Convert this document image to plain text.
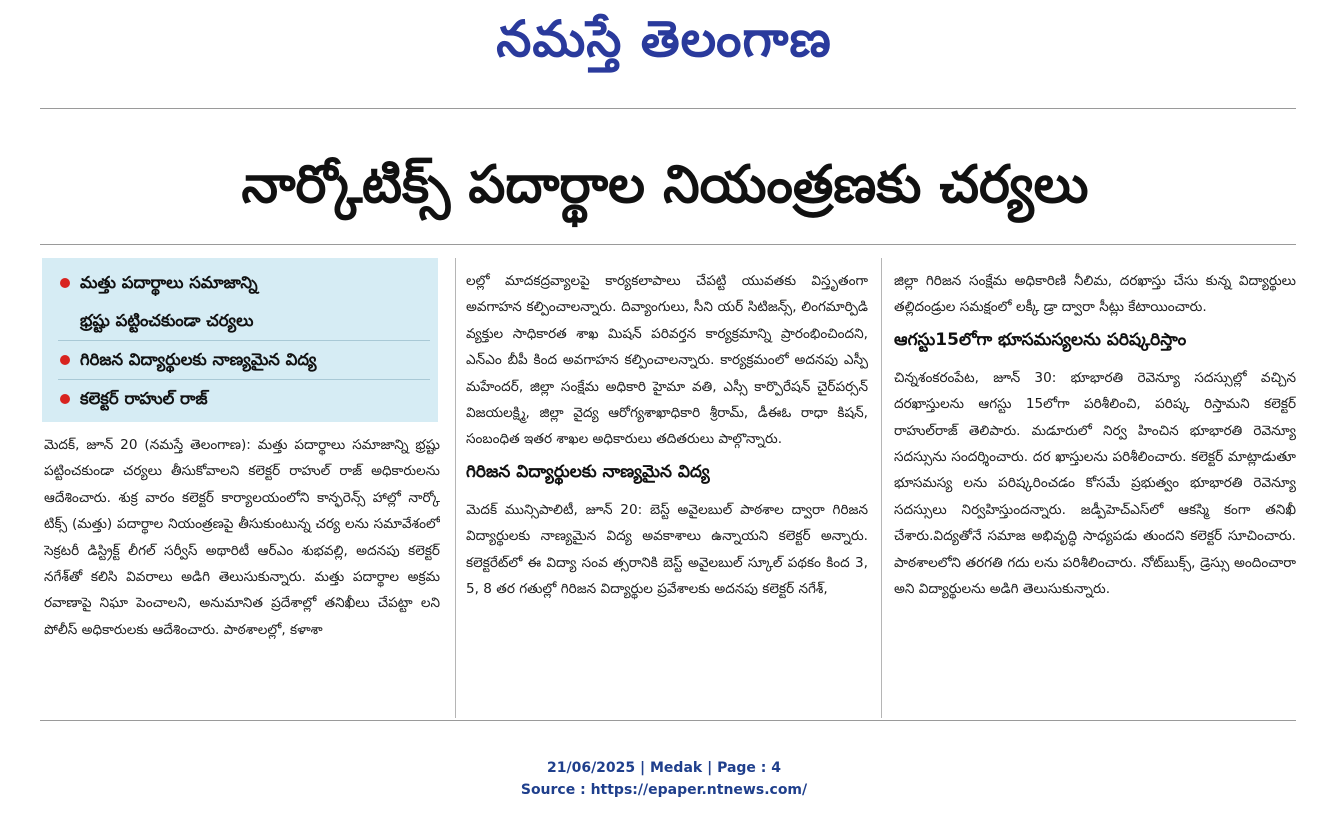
నమస్తే తెలంగాణ
నార్కోటిక్స్ పదార్థాల నియంత్రణకు చర్యలు
మత్తు పదార్థాలు సమాజాన్ని
భ్రష్టు పట్టించకుండా చర్యలు
గిరిజన విద్యార్థులకు నాణ్యమైన విద్య
కలెక్టర్ రాహుల్ రాజ్

మెదక్, జూన్ 20 (నమస్తే తెలంగాణ): మత్తు పదార్థాలు సమాజాన్ని భ్రష్టు పట్టించకుండా చర్యలు తీసుకోవాలని కలెక్టర్ రాహుల్ రాజ్ అధికారులను ఆదేశించారు. శుక్ర వారం కలెక్టర్ కార్యాలయంలోని కాన్ఫరెన్స్ హాల్లో నార్కో టిక్స్ (మత్తు) పదార్థాల నియంత్రణపై తీసుకుంటున్న చర్య లను సమావేశంలో సెక్రటరీ డిస్ట్రిక్ట్ లీగల్ సర్వీస్ అథారిటీ ఆర్ఎం శుభవల్లి, అదనపు కలెక్టర్ నగేశ్‌తో కలిసి వివరాలు అడిగి తెలుసుకున్నారు. మత్తు పదార్థాల అక్రమ రవాణాపై నిఘా పెంచాలని, అనుమానిత ప్రదేశాల్లో తనిఖీలు చేపట్టా లని పోలీస్ అధికారులకు ఆదేశించారు. పాఠశాలల్లో, కళాశా

లల్లో మాదకద్రవ్యాలపై కార్యకలాపాలు చేపట్టి యువతకు విస్తృతంగా అవగాహన కల్పించాలన్నారు. దివ్యాంగులు, సీని యర్ సిటిజన్స్, లింగమార్పిడి వ్యక్తుల సాధికారత శాఖ మిషన్ పరివర్తన కార్యక్రమాన్ని ప్రారంభించిందని, ఎన్ఎం బీపీ కింద అవగాహన కల్పించాలన్నారు. కార్యక్రమంలో అదనపు ఎస్పీ మహేందర్, జిల్లా సంక్షేమ అధికారి హైమా వతి, ఎస్సీ కార్పొరేషన్ చైర్‌పర్సన్ విజయలక్ష్మి, జిల్లా వైద్య ఆరోగ్యశాఖాధికారి శ్రీరామ్, డీఈఓ రాధా కిషన్, సంబంధిత ఇతర శాఖల అధికారులు తదితరులు పాల్గొన్నారు.

గిరిజన విద్యార్థులకు నాణ్యమైన విద్య

మెదక్ మున్సిపాలిటీ, జూన్ 20: బెస్ట్ అవైలబుల్ పాఠశాల ద్వారా గిరిజన విద్యార్థులకు నాణ్యమైన విద్య అవకాశాలు ఉన్నాయని కలెక్టర్ అన్నారు. కలెక్టరేట్‌లో ఈ విద్యా సంవ త్సరానికి బెస్ట్ అవైలబుల్ స్కూల్ పథకం కింద 3, 5, 8 తర గతుల్లో గిరిజన విద్యార్థుల ప్రవేశాలకు అదనపు కలెక్టర్ నగేశ్,

జిల్లా గిరిజన సంక్షేమ అధికారిణి నీలిమ, దరఖాస్తు చేసు కున్న విద్యార్థులు తల్లిదండ్రుల సమక్షంలో లక్కీ డ్రా ద్వారా సీట్లు కేటాయించారు.

ఆగస్టు15లోగా భూసమస్యలను పరిష్కరిస్తాం

చిన్నశంకరంపేట, జూన్ 30: భూభారతి రెవెన్యూ సదస్సుల్లో వచ్చిన దరఖాస్తులను ఆగస్టు 15లోగా పరిశీలించి, పరిష్క రిస్తామని కలెక్టర్ రాహుల్‌రాజ్ తెలిపారు. మడూరులో నిర్వ హించిన భూభారతి రెవెన్యూ సదస్సును సందర్శించారు. దర ఖాస్తులను పరిశీలించారు. కలెక్టర్ మాట్లాడుతూ భూసమస్య లను పరిష్కరించడం కోసమే ప్రభుత్వం భూభారతి రెవెన్యూ సదస్సులు నిర్వహిస్తుందన్నారు. జడ్పీహెచ్ఎస్‌లో ఆకస్మి కంగా తనిఖీ చేశారు.విద్యతోనే సమాజ అభివృద్ధి సాధ్యపడు తుందని కలెక్టర్ సూచించారు. పాఠశాలలోని తరగతి గదు లను పరిశీలించారు. నోట్‌బుక్స్, డ్రెస్సు అందించారా అని విద్యార్థులను అడిగి తెలుసుకున్నారు.

21/06/2025 | Medak | Page : 4
Source : https://epaper.ntnews.com/
